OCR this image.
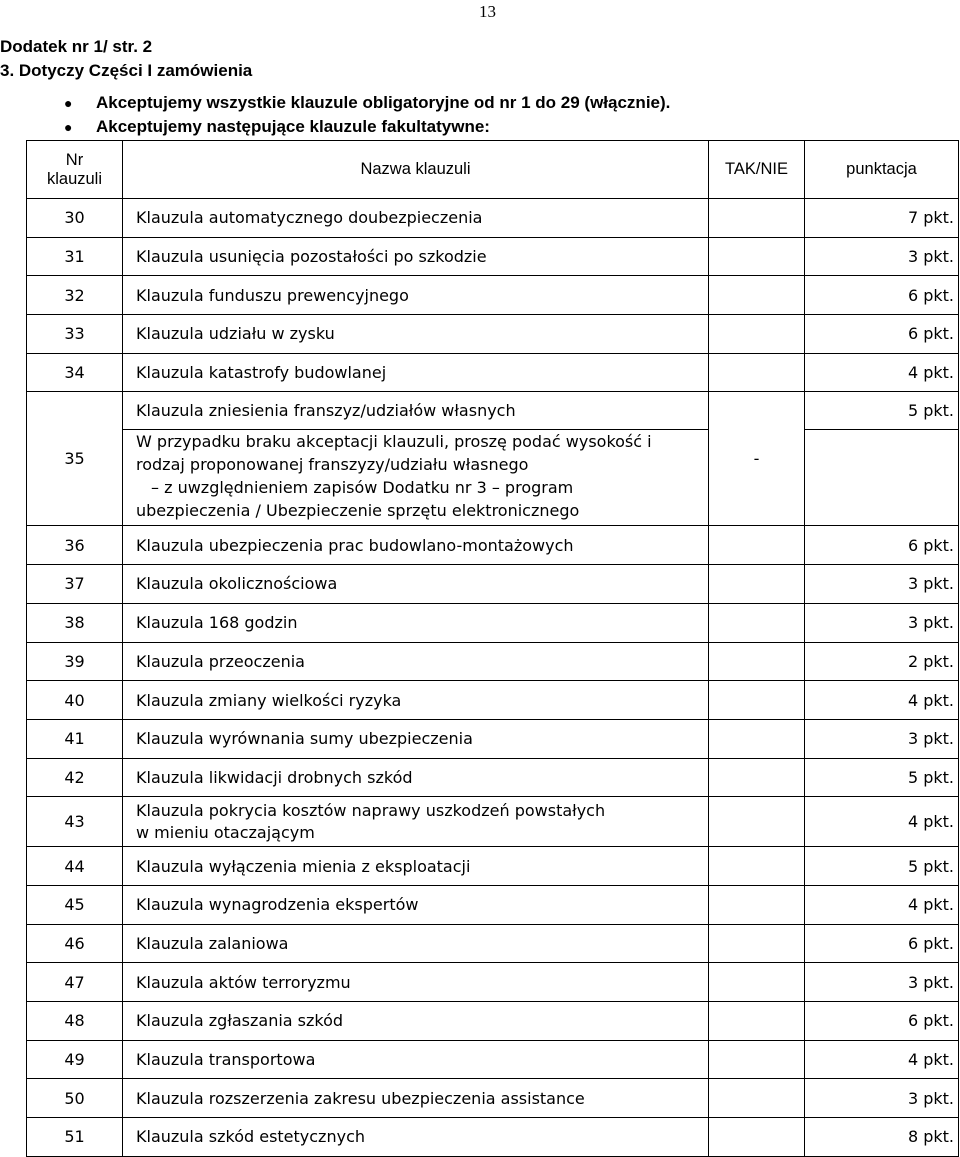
13
Dodatek nr 1/ str. 2
3. Dotyczy Części I zamówienia
●	Akceptujemy wszystkie klauzule obligatoryjne od nr 1 do 29 (włącznie).
●	Akceptujemy następujące klauzule fakultatywne:
Nr
klauzuli	Nazwa klauzuli	TAK/NIE	punktacja
30	Klauzula automatycznego doubezpieczenia		7 pkt.
31	Klauzula usunięcia pozostałości po szkodzie		3 pkt.
32	Klauzula funduszu prewencyjnego		6 pkt.
33	Klauzula udziału w zysku		6 pkt.
34	Klauzula katastrofy budowlanej		4 pkt.
35	Klauzula zniesienia franszyz/udziałów własnych	-	5 pkt.

	W przypadku braku akceptacji klauzuli, proszę podać wysokość i
rodzaj proponowanej franszyzy/udziału własnego
– z uwzględnieniem zapisów Dodatku nr 3 – program
ubezpieczenia / Ubezpieczenie sprzętu elektronicznego		

36	Klauzula ubezpieczenia prac budowlano-montażowych		6 pkt.
37	Klauzula okolicznościowa		3 pkt.
38	Klauzula 168 godzin		3 pkt.
39	Klauzula przeoczenia		2 pkt.
40	Klauzula zmiany wielkości ryzyka		4 pkt.
41	Klauzula wyrównania sumy ubezpieczenia		3 pkt.
42	Klauzula likwidacji drobnych szkód		5 pkt.
43	Klauzula pokrycia kosztów naprawy uszkodzeń powstałych
w mieniu otaczającym		4 pkt.
44	Klauzula wyłączenia mienia z eksploatacji		5 pkt.
45	Klauzula wynagrodzenia ekspertów		4 pkt.
46	Klauzula zalaniowa		6 pkt.
47	Klauzula aktów terroryzmu		3 pkt.
48	Klauzula zgłaszania szkód		6 pkt.
49	Klauzula transportowa		4 pkt.
50	Klauzula rozszerzenia zakresu ubezpieczenia assistance		3 pkt.
51	Klauzula szkód estetycznych		8 pkt.
